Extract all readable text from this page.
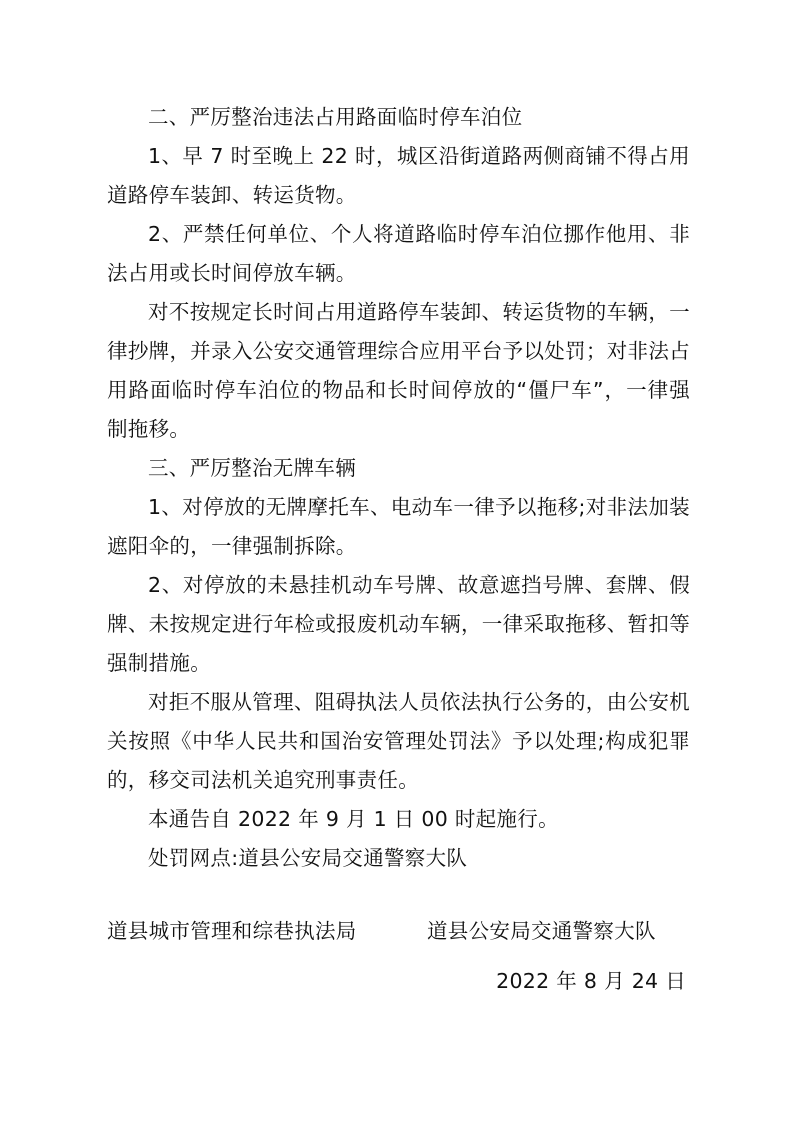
二、严厉整治违法占用路面临时停车泊位

1、早 7 时至晚上 22 时，城区沿街道路两侧商铺不得占用道路停车装卸、转运货物。

2、严禁任何单位、个人将道路临时停车泊位挪作他用、非法占用或长时间停放车辆。

对不按规定长时间占用道路停车装卸、转运货物的车辆，一律抄牌，并录入公安交通管理综合应用平台予以处罚；对非法占用路面临时停车泊位的物品和长时间停放的“僵尸车”，一律强制拖移。

三、严厉整治无牌车辆

1、对停放的无牌摩托车、电动车一律予以拖移;对非法加装遮阳伞的，一律强制拆除。

2、对停放的未悬挂机动车号牌、故意遮挡号牌、套牌、假牌、未按规定进行年检或报废机动车辆，一律采取拖移、暂扣等强制措施。

对拒不服从管理、阻碍执法人员依法执行公务的，由公安机关按照《中华人民共和国治安管理处罚法》予以处理;构成犯罪的，移交司法机关追究刑事责任。

本通告自 2022 年 9 月 1 日 00 时起施行。

处罚网点:道县公安局交通警察大队

道县城市管理和综巷执法局	道县公安局交通警察大队
2022 年 8 月 24 日
